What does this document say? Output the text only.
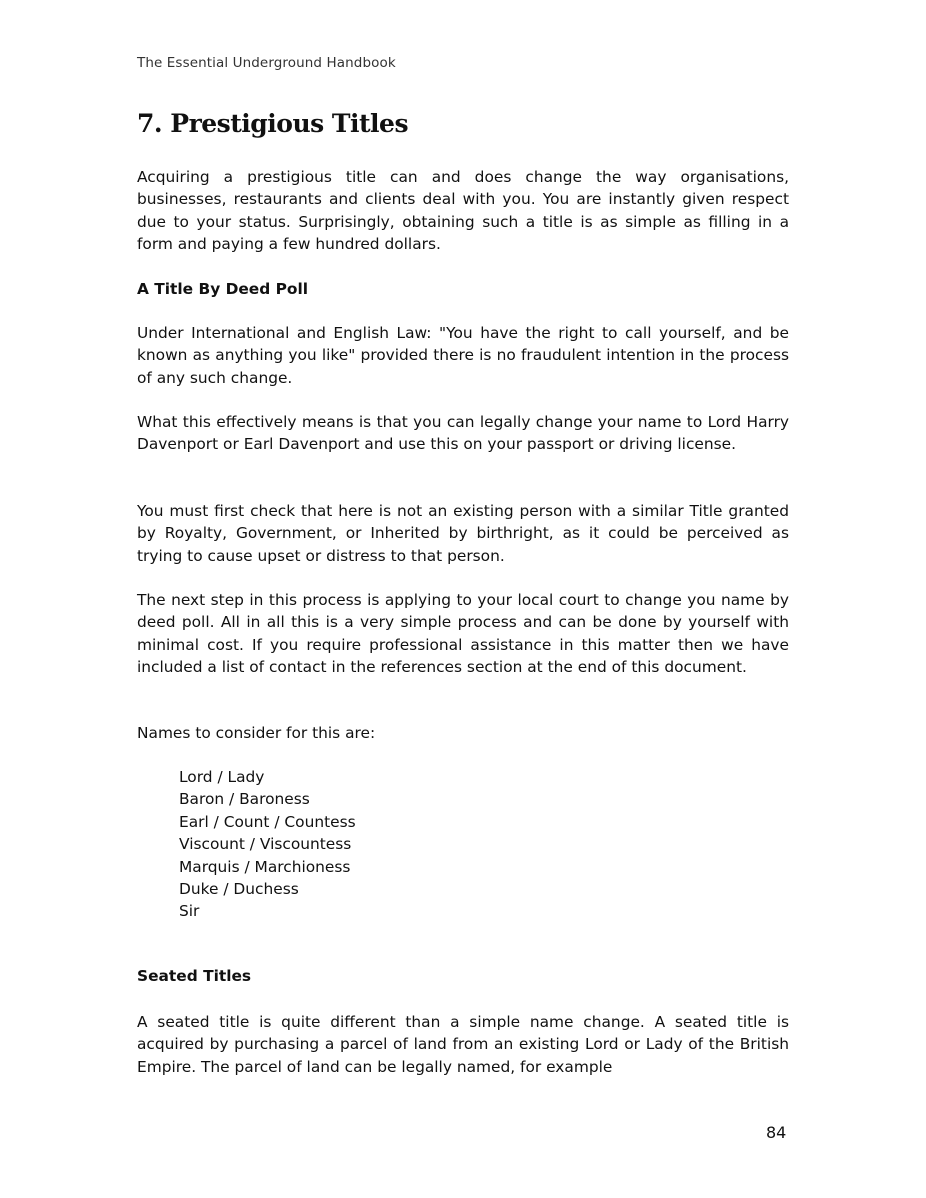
The Essential Underground Handbook
7. Prestigious Titles

Acquiring a prestigious title can and does change the way organisations, businesses, restaurants and clients deal with you. You are instantly given respect due to your status. Surprisingly, obtaining such a title is as simple as filling in a form and paying a few hundred dollars.

A Title By Deed Poll

Under International and English Law: "You have the right to call yourself, and be known as anything you like" provided there is no fraudulent intention in the process of any such change.

What this effectively means is that you can legally change your name to Lord Harry Davenport or Earl Davenport and use this on your passport or driving license.

You must first check that here is not an existing person with a similar Title granted by Royalty, Government, or Inherited by birthright, as it could be perceived as trying to cause upset or distress to that person.

The next step in this process is applying to your local court to change you name by deed poll. All in all this is a very simple process and can be done by yourself with minimal cost. If you require professional assistance in this matter then we have included a list of contact in the references section at the end of this document.

Names to consider for this are:

Lord / Lady
Baron / Baroness
Earl / Count / Countess
Viscount / Viscountess
Marquis / Marchioness
Duke / Duchess
Sir
Seated Titles

A seated title is quite different than a simple name change. A seated title is acquired by purchasing a parcel of land from an existing Lord or Lady of the British Empire. The parcel of land can be legally named, for example

84
